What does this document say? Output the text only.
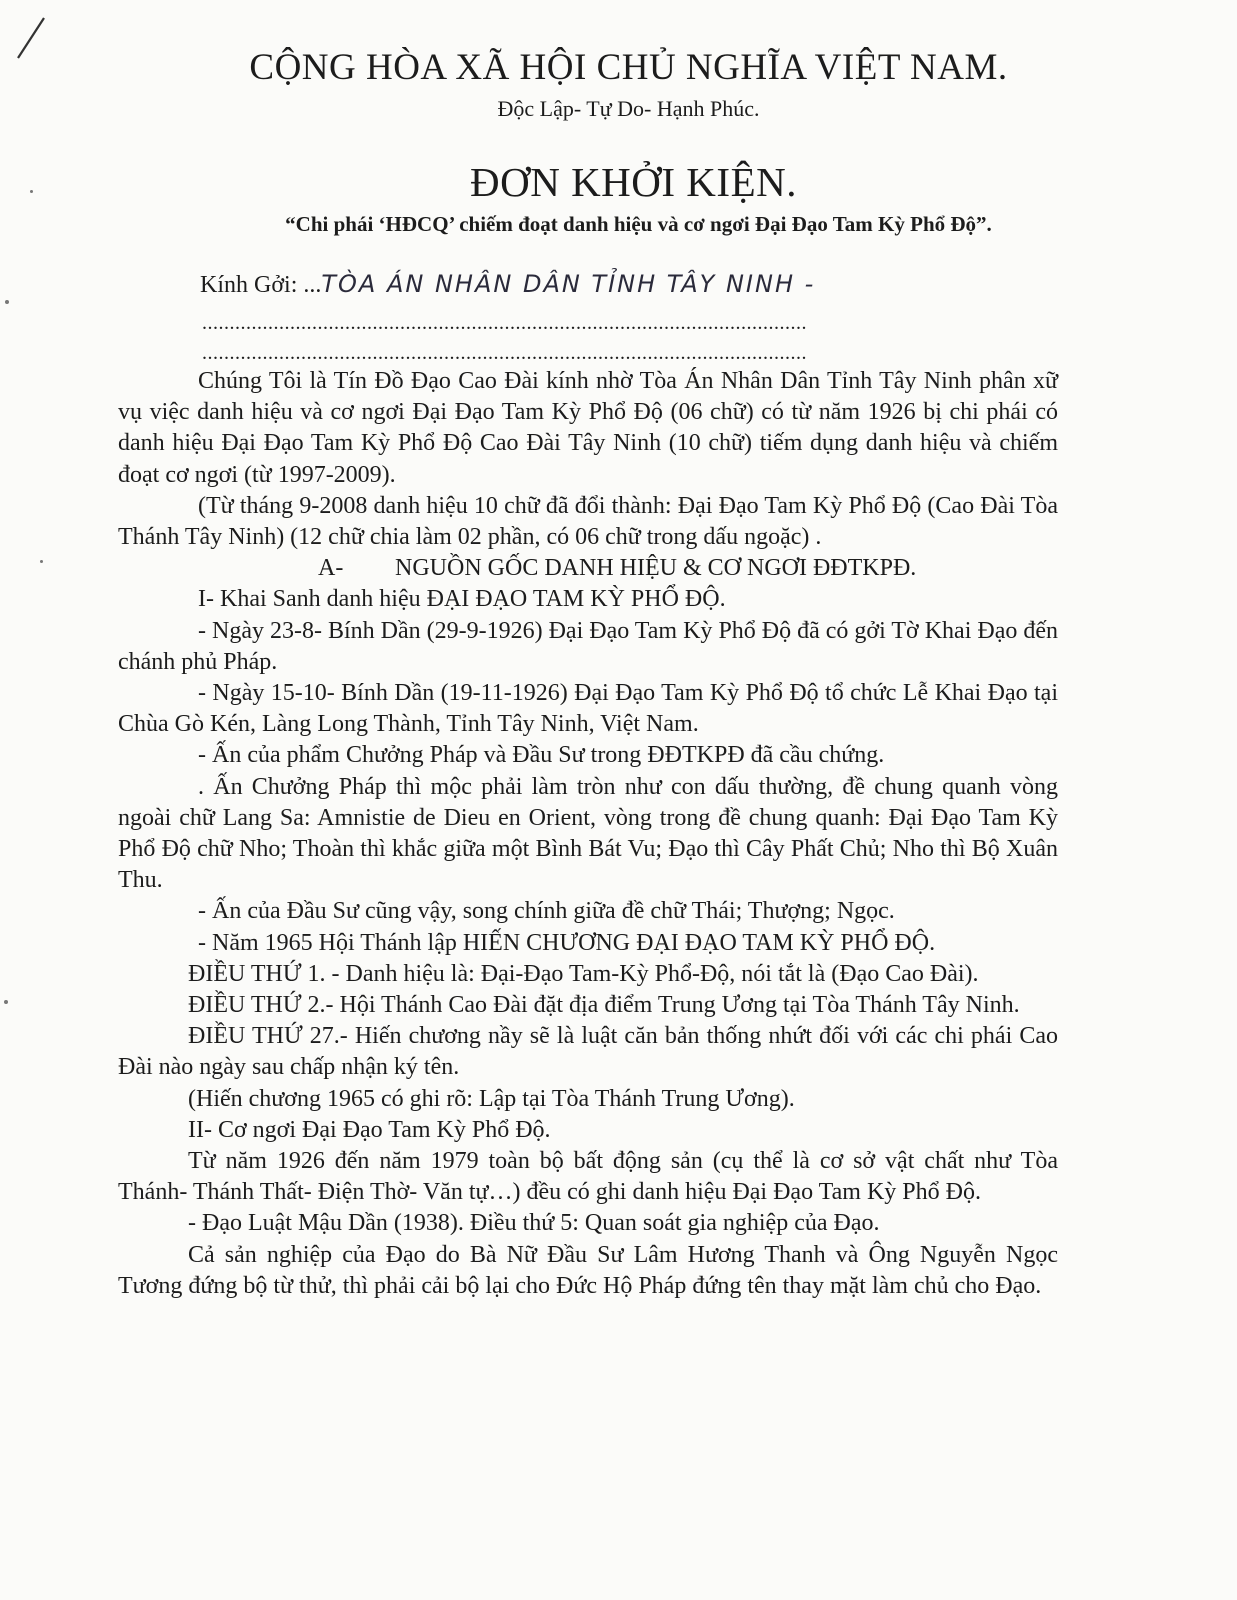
CỘNG HÒA XÃ HỘI CHỦ NGHĨA VIỆT NAM.
Độc Lập- Tự Do- Hạnh Phúc.
ĐƠN KHỞI KIỆN.
“Chi phái ‘HĐCQ’ chiếm đoạt danh hiệu và cơ ngơi Đại Đạo Tam Kỳ Phổ Độ”.
Kính Gởi: ...TÒA ÁN NHÂN DÂN TỈNH TÂY NINH -
..............................................................................................................
..............................................................................................................

Chúng Tôi là Tín Đồ Đạo Cao Đài kính nhờ Tòa Án Nhân Dân Tỉnh Tây Ninh phân xữ vụ việc danh hiệu và cơ ngơi Đại Đạo Tam Kỳ Phổ Độ (06 chữ) có từ năm 1926 bị chi phái có danh hiệu Đại Đạo Tam Kỳ Phổ Độ Cao Đài Tây Ninh (10 chữ) tiếm dụng danh hiệu và chiếm đoạt cơ ngơi (từ 1997-2009).

(Từ tháng 9-2008 danh hiệu 10 chữ đã đổi thành: Đại Đạo Tam Kỳ Phổ Độ (Cao Đài Tòa Thánh Tây Ninh) (12 chữ chia làm 02 phần, có 06 chữ trong dấu ngoặc) .

A- NGUỒN GỐC DANH HIỆU & CƠ NGƠI ĐĐTKPĐ.

I- Khai Sanh danh hiệu ĐẠI ĐẠO TAM KỲ PHỔ ĐỘ.

- Ngày 23-8- Bính Dần (29-9-1926) Đại Đạo Tam Kỳ Phổ Độ đã có gởi Tờ Khai Đạo đến chánh phủ Pháp.

- Ngày 15-10- Bính Dần (19-11-1926) Đại Đạo Tam Kỳ Phổ Độ tổ chức Lễ Khai Đạo tại Chùa Gò Kén, Làng Long Thành, Tỉnh Tây Ninh, Việt Nam.

- Ấn của phẩm Chưởng Pháp và Đầu Sư trong ĐĐTKPĐ đã cầu chứng.

. Ấn Chưởng Pháp thì mộc phải làm tròn như con dấu thường, đề chung quanh vòng ngoài chữ Lang Sa: Amnistie de Dieu en Orient, vòng trong đề chung quanh: Đại Đạo Tam Kỳ Phổ Độ chữ Nho; Thoàn thì khắc giữa một Bình Bát Vu; Đạo thì Cây Phất Chủ; Nho thì Bộ Xuân Thu.

- Ấn của Đầu Sư cũng vậy, song chính giữa đề chữ Thái; Thượng; Ngọc.

- Năm 1965 Hội Thánh lập HIẾN CHƯƠNG ĐẠI ĐẠO TAM KỲ PHỔ ĐỘ.

ĐIỀU THỨ 1. - Danh hiệu là: Đại-Đạo Tam-Kỳ Phổ-Độ, nói tắt là (Đạo Cao Đài).

ĐIỀU THỨ 2.- Hội Thánh Cao Đài đặt địa điểm Trung Ương tại Tòa Thánh Tây Ninh.

ĐIỀU THỨ 27.- Hiến chương nầy sẽ là luật căn bản thống nhứt đối với các chi phái Cao Đài nào ngày sau chấp nhận ký tên.

(Hiến chương 1965 có ghi rõ: Lập tại Tòa Thánh Trung Ương).

II- Cơ ngơi Đại Đạo Tam Kỳ Phổ Độ.

Từ năm 1926 đến năm 1979 toàn bộ bất động sản (cụ thể là cơ sở vật chất như Tòa Thánh- Thánh Thất- Điện Thờ- Văn tự…) đều có ghi danh hiệu Đại Đạo Tam Kỳ Phổ Độ.

- Đạo Luật Mậu Dần (1938). Điều thứ 5: Quan soát gia nghiệp của Đạo.

Cả sản nghiệp của Đạo do Bà Nữ Đầu Sư Lâm Hương Thanh và Ông Nguyễn Ngọc Tương đứng bộ từ thử, thì phải cải bộ lại cho Đức Hộ Pháp đứng tên thay mặt làm chủ cho Đạo.
